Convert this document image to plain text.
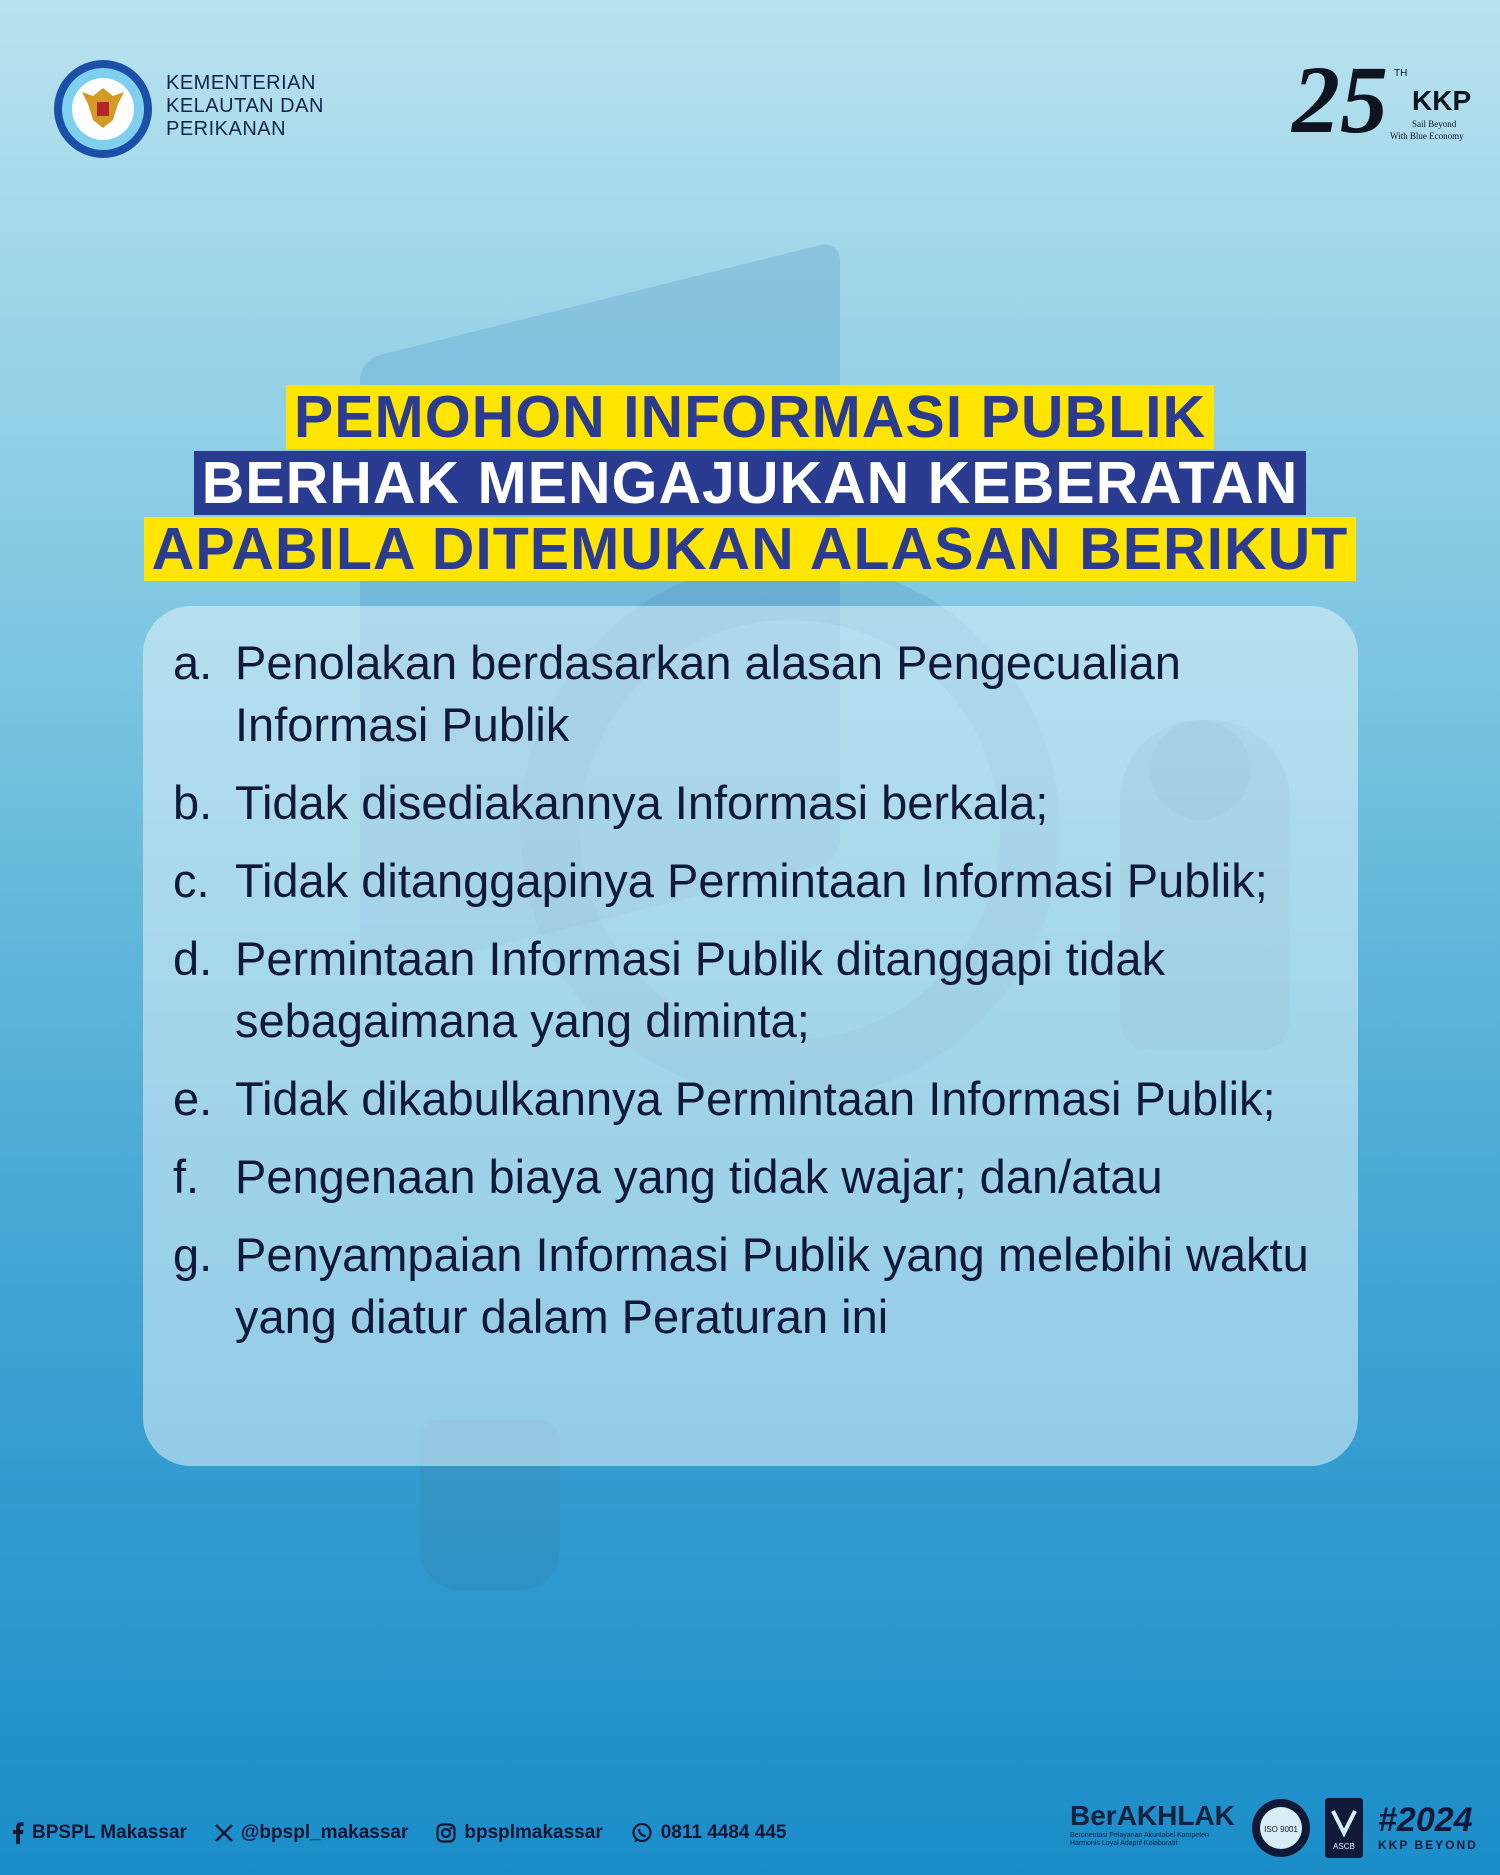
KEMENTERIAN
KELAUTAN DAN
PERIKANAN	25 TH
KKP
Sail Beyond
With Blue Economy
PEMOHON INFORMASI PUBLIK
BERHAK MENGAJUKAN KEBERATAN
APABILA DITEMUKAN ALASAN BERIKUT
a. Penolakan berdasarkan alasan Pengecualian Informasi Publik
b. Tidak disediakannya Informasi berkala;
c. Tidak ditanggapinya Permintaan Informasi Publik;
d. Permintaan Informasi Publik ditanggapi tidak sebagaimana yang diminta;
e. Tidak dikabulkannya Permintaan Informasi Publik;
f. Pengenaan biaya yang tidak wajar; dan/atau
g. Penyampaian Informasi Publik yang melebihi waktu yang diatur dalam Peraturan ini
BPSPL Makassar	@bpspl_makassar	bpsplmakassar	0811 4484 445
BerAKHLAK
Berorientasi Pelayanan Akuntabel Kompeten Harmonis Loyal Adaptif Kolaboratif
ISO 9001
ASCB
#2024
KKP BEYOND
